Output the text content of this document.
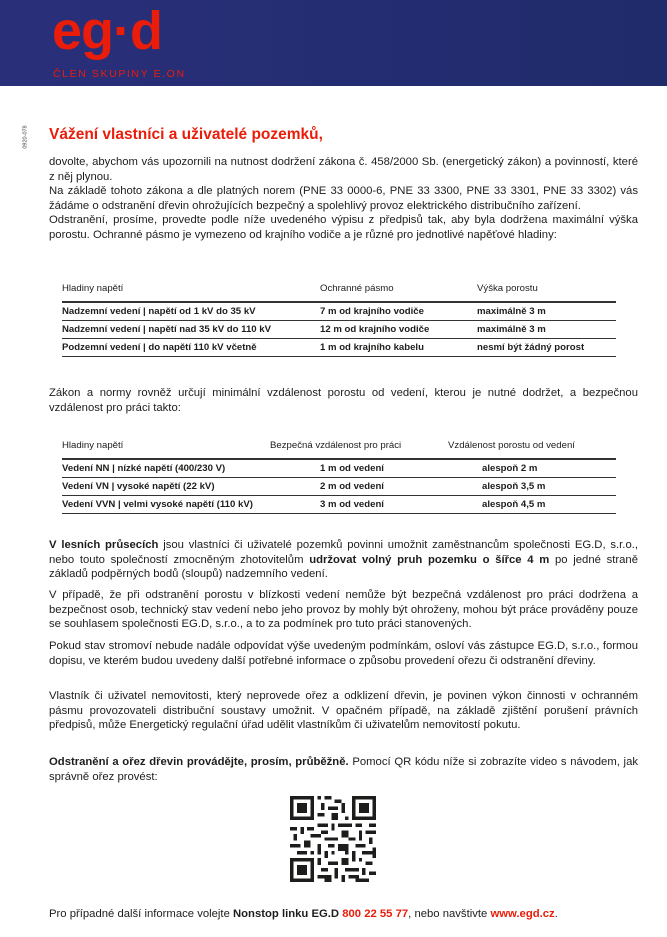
eg·d
ČLEN SKUPINY E.ON
0920-078 Vážení vlastníci a uživatelé pozemků,

dovolte, abychom vás upozornili na nutnost dodržení zákona č. 458/2000 Sb. (energetický zákon) a povinností, které z něj plynou.

Na základě tohoto zákona a dle platných norem (PNE 33 0000-6, PNE 33 3300, PNE 33 3301, PNE 33 3302) vás žádáme o odstranění dřevin ohrožujících bezpečný a spolehlivý provoz elektrického distribučního zařízení.

Odstranění, prosíme, provedte podle níže uvedeného výpisu z předpisů tak, aby byla dodržena maximální výška porostu. Ochranné pásmo je vymezeno od krajního vodiče a je různé pro jednotlivé napěťové hladiny:

Hladiny napětí	Ochranné pásmo	Výška porostu
Nadzemní vedení | napětí od 1 kV do 35 kV	7 m od krajního vodiče	maximálně 3 m
Nadzemní vedení | napětí nad 35 kV do 110 kV	12 m od krajního vodiče	maximálně 3 m
Podzemní vedení | do napětí 110 kV včetně	1 m od krajního kabelu	nesmí být žádný porost

Zákon a normy rovněž určují minimální vzdálenost porostu od vedení, kterou je nutné dodržet, a bezpečnou vzdálenost pro práci takto:

Hladiny napětí	Bezpečná vzdálenost pro práci	Vzdálenost porostu od vedení
Vedení NN | nízké napětí (400/230 V)	1 m od vedení	alespoň 2 m
Vedení VN | vysoké napětí (22 kV)	2 m od vedení	alespoň 3,5 m
Vedení VVN | velmi vysoké napětí (110 kV)	3 m od vedení	alespoň 4,5 m

V lesních průsecích jsou vlastníci či uživatelé pozemků povinni umožnit zaměstnancům společnosti EG.D, s.r.o., nebo touto společností zmocněným zhotovitelům udržovat volný pruh pozemku o šířce 4 m po jedné straně základů podpěrných bodů (sloupů) nadzemního vedení.

V případě, že při odstranění porostu v blízkosti vedení nemůže být bezpečná vzdálenost pro práci dodržena a bezpečnost osob, technický stav vedení nebo jeho provoz by mohly být ohroženy, mohou být práce prováděny pouze se souhlasem společnosti EG.D, s.r.o., a to za podmínek pro tuto práci stanovených.

Pokud stav stromoví nebude nadále odpovídat výše uvedeným podmínkám, osloví vás zástupce EG.D, s.r.o., formou dopisu, ve kterém budou uvedeny další potřebné informace o způsobu provedení ořezu či odstranění dřeviny.

Vlastník či uživatel nemovitosti, který neprovede ořez a odklizení dřevin, je povinen výkon činnosti v ochranném pásmu provozovateli distribuční soustavy umožnit. V opačném případě, na základě zjištění porušení právních předpisů, může Energetický regulační úřad udělit vlastníkům či uživatelům nemovitostí pokutu.

Odstranění a ořez dřevin provádějte, prosím, průběžně. Pomocí QR kódu níže si zobrazíte video s návodem, jak správně ořez provést:

Pro případné další informace volejte Nonstop linku EG.D 800 22 55 77, nebo navštivte www.egd.cz.
